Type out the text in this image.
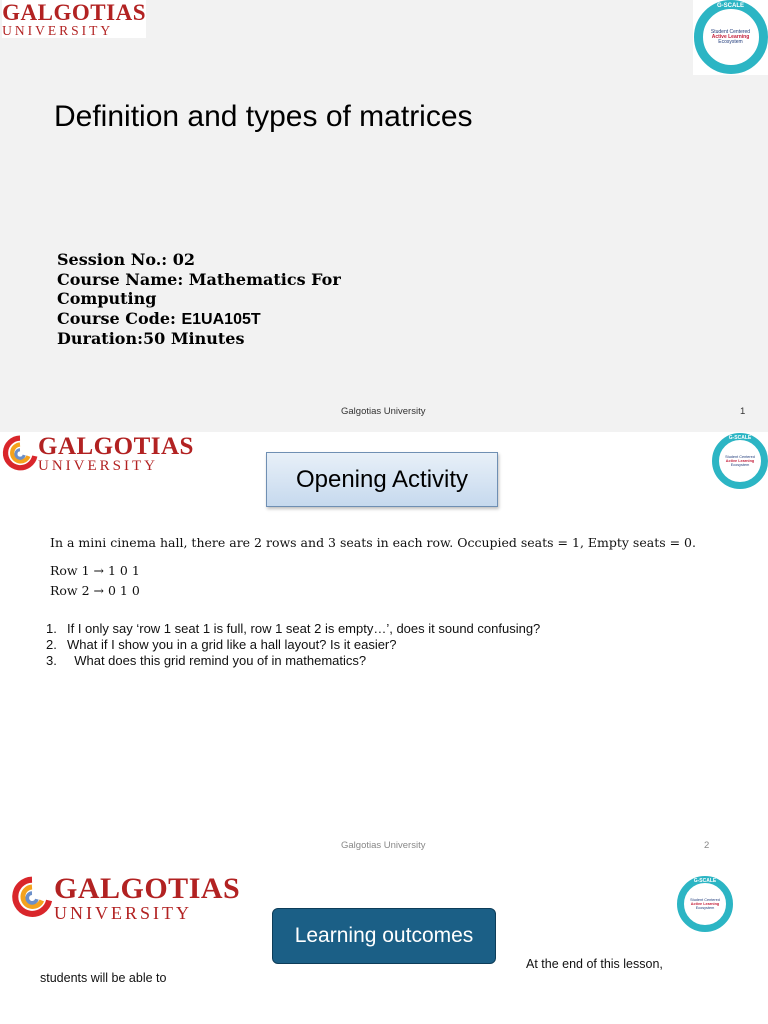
GALGOTIAS
UNIVERSITY
G-SCALE
Student Centered
Active Learning
Ecosystem
Definition and types of matrices
Session No.: 02
Course Name: Mathematics For Computing
Course Code: E1UA105T
Duration:50 Minutes
Galgotias University	1
GALGOTIAS
UNIVERSITY
G-SCALE
Student Centered
Active Learning
Ecosystem
Opening Activity
In a mini cinema hall, there are 2 rows and 3 seats in each row. Occupied seats = 1, Empty seats = 0.
Row 1 → 1 0 1
Row 2 → 0 1 0
1. If I only say ‘row 1 seat 1 is full, row 1 seat 2 is empty…’, does it sound confusing?
2. What if I show you in a grid like a hall layout? Is it easier?
3. What does this grid remind you of in mathematics?
Galgotias University	2
GALGOTIAS
UNIVERSITY
G-SCALE
Student Centered
Active Learning
Ecosystem
Learning outcomes
At the end of this lesson,
students will be able to
